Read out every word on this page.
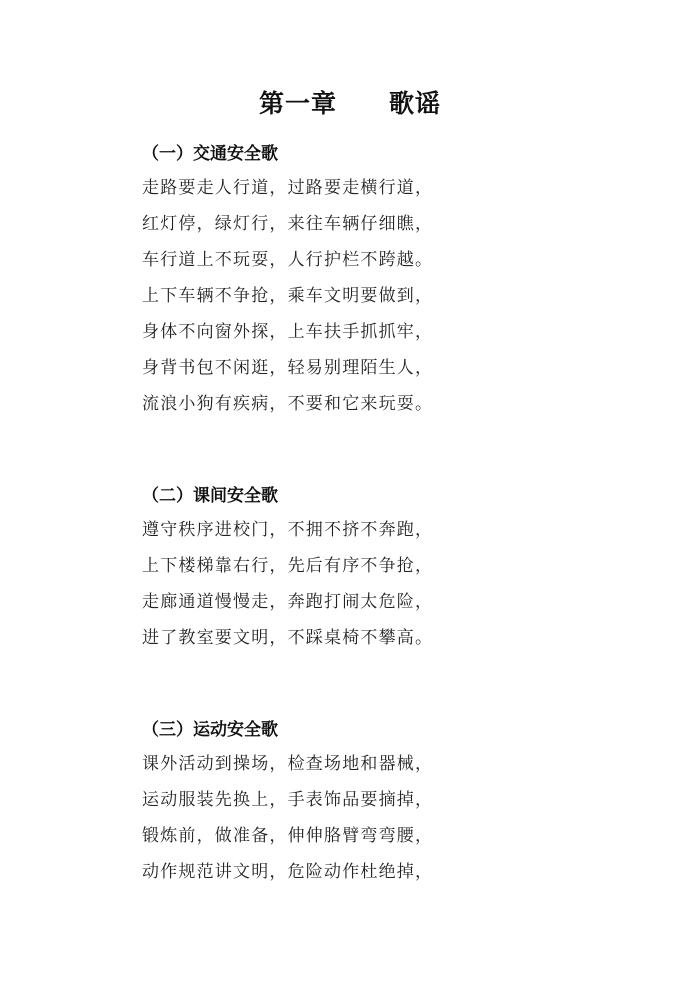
第一章　　歌谣
（一）交通安全歌
走路要走人行道，过路要走横行道，
红灯停，绿灯行，来往车辆仔细瞧，
车行道上不玩耍，人行护栏不跨越。
上下车辆不争抢，乘车文明要做到，
身体不向窗外探，上车扶手抓抓牢，
身背书包不闲逛，轻易别理陌生人，
流浪小狗有疾病，不要和它来玩耍。
（二）课间安全歌
遵守秩序进校门，不拥不挤不奔跑，
上下楼梯靠右行，先后有序不争抢，
走廊通道慢慢走，奔跑打闹太危险，
进了教室要文明，不踩桌椅不攀高。
（三）运动安全歌
课外活动到操场，检查场地和器械，
运动服装先换上，手表饰品要摘掉，
锻炼前，做准备，伸伸胳臂弯弯腰，
动作规范讲文明，危险动作杜绝掉，
